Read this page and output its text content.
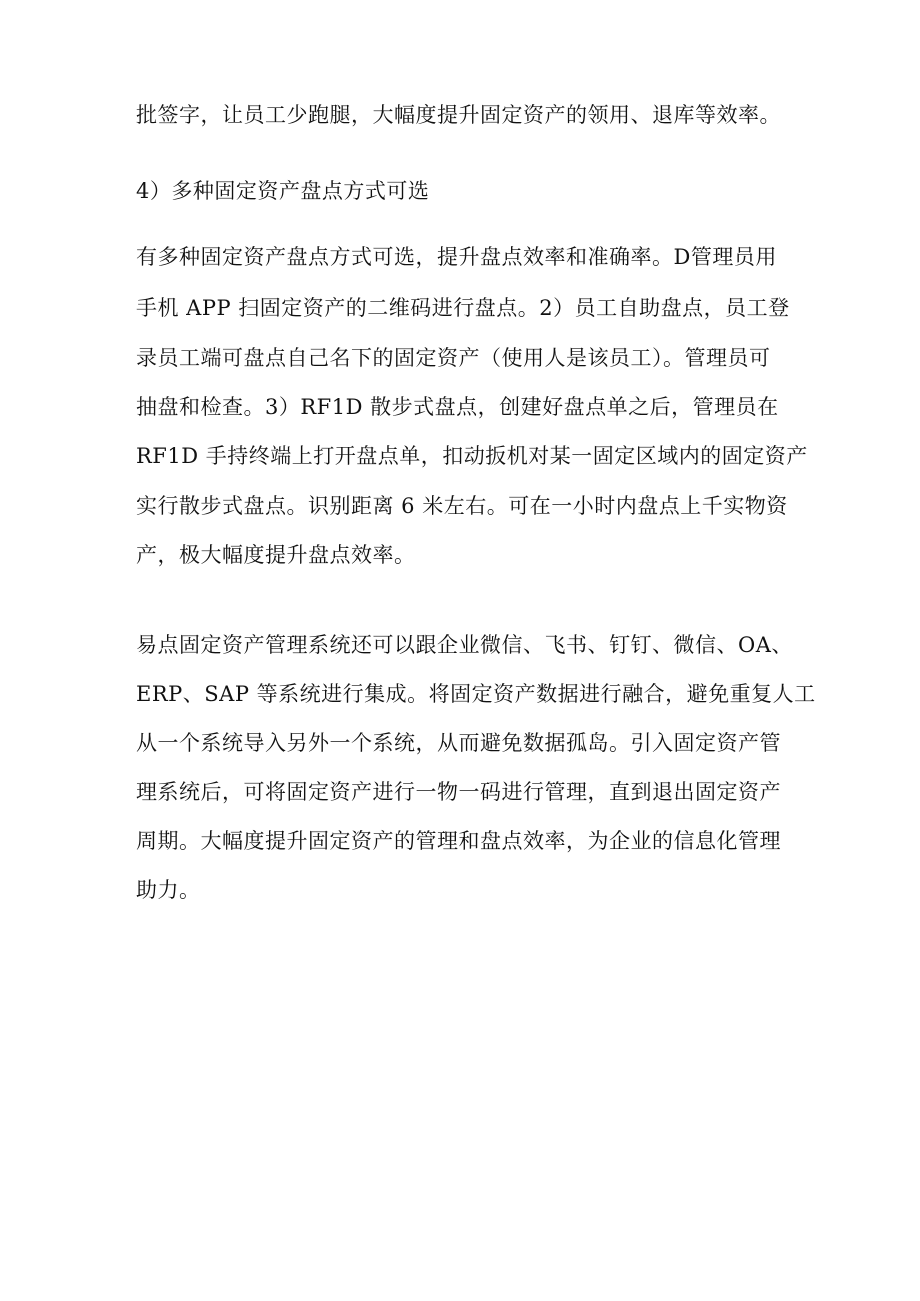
批签字，让员工少跑腿，大幅度提升固定资产的领用、退库等效率。
4）多种固定资产盘点方式可选
有多种固定资产盘点方式可选，提升盘点效率和准确率。D管理员用
手机 APP 扫固定资产的二维码进行盘点。2）员工自助盘点，员工登
录员工端可盘点自己名下的固定资产（使用人是该员工）。管理员可
抽盘和检查。3）RF1D 散步式盘点，创建好盘点单之后，管理员在
RF1D 手持终端上打开盘点单，扣动扳机对某一固定区域内的固定资产
实行散步式盘点。识别距离 6 米左右。可在一小时内盘点上千实物资
产，极大幅度提升盘点效率。
易点固定资产管理系统还可以跟企业微信、飞书、钉钉、微信、OA、
ERP、SAP 等系统进行集成。将固定资产数据进行融合，避免重复人工
从一个系统导入另外一个系统，从而避免数据孤岛。引入固定资产管
理系统后，可将固定资产进行一物一码进行管理，直到退出固定资产
周期。大幅度提升固定资产的管理和盘点效率，为企业的信息化管理
助力。
